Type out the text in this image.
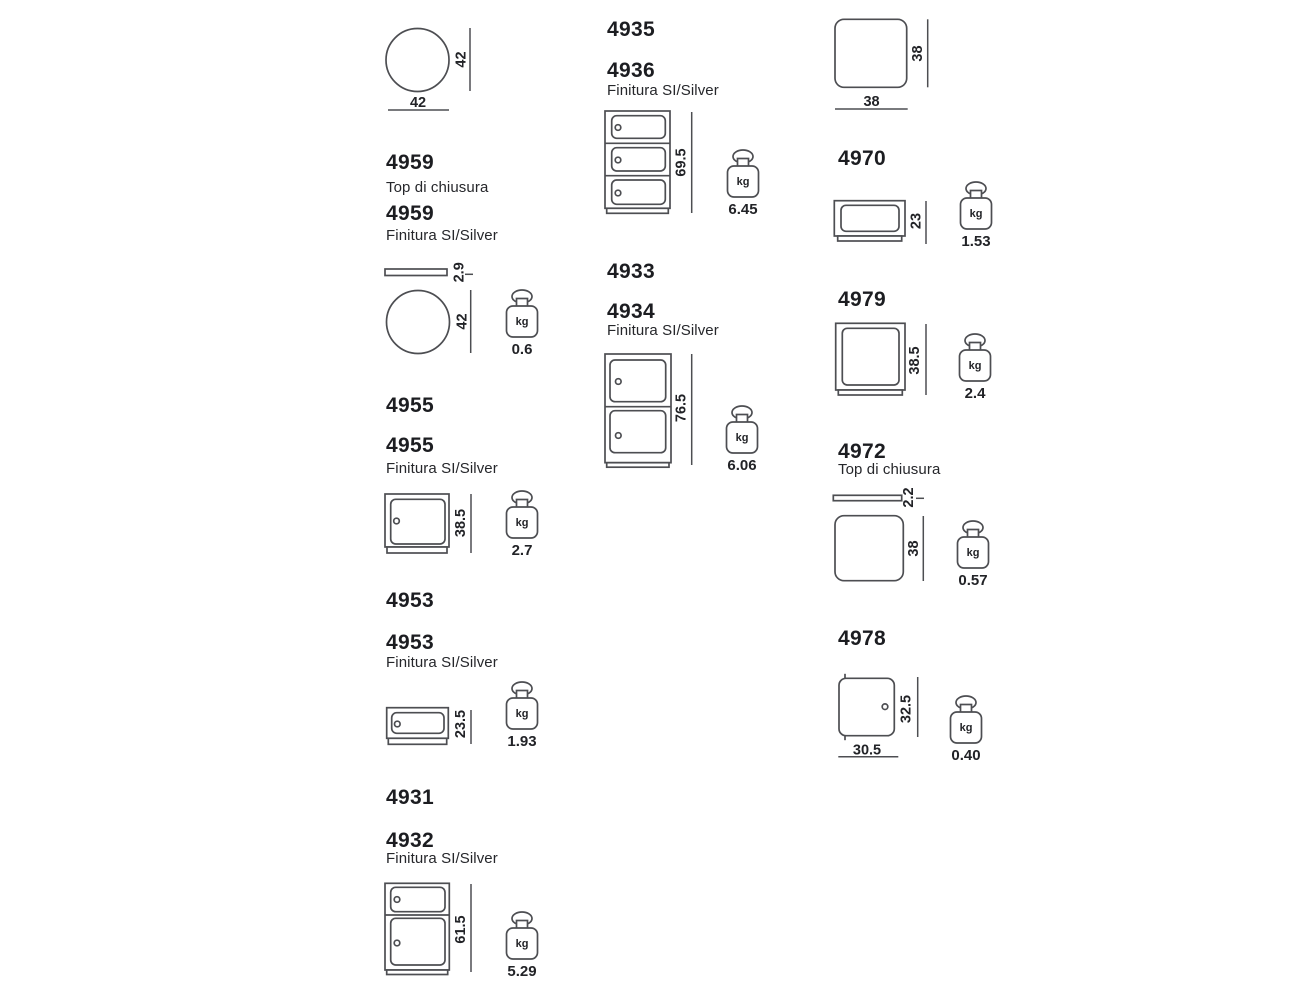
42
42
4959
Top di chiusura
4959
Finitura SI/Silver
2.9
42	kg
0.6
4955
4955
Finitura SI/Silver
38.5	kg
2.7
4953
4953
Finitura SI/Silver
23.5	kg
1.93
4931
4932
Finitura SI/Silver
61.5
kg
5.29
4935
4936
Finitura SI/Silver
69.5
kg
6.45
4933
4934
Finitura SI/Silver
76.5
kg
6.06
38
38
4970
23	kg
1.53
4979
38.5	kg
2.4
4972
Top di chiusura
2.2
38	kg
0.57
4978
32.5
30.5
kg
0.40
